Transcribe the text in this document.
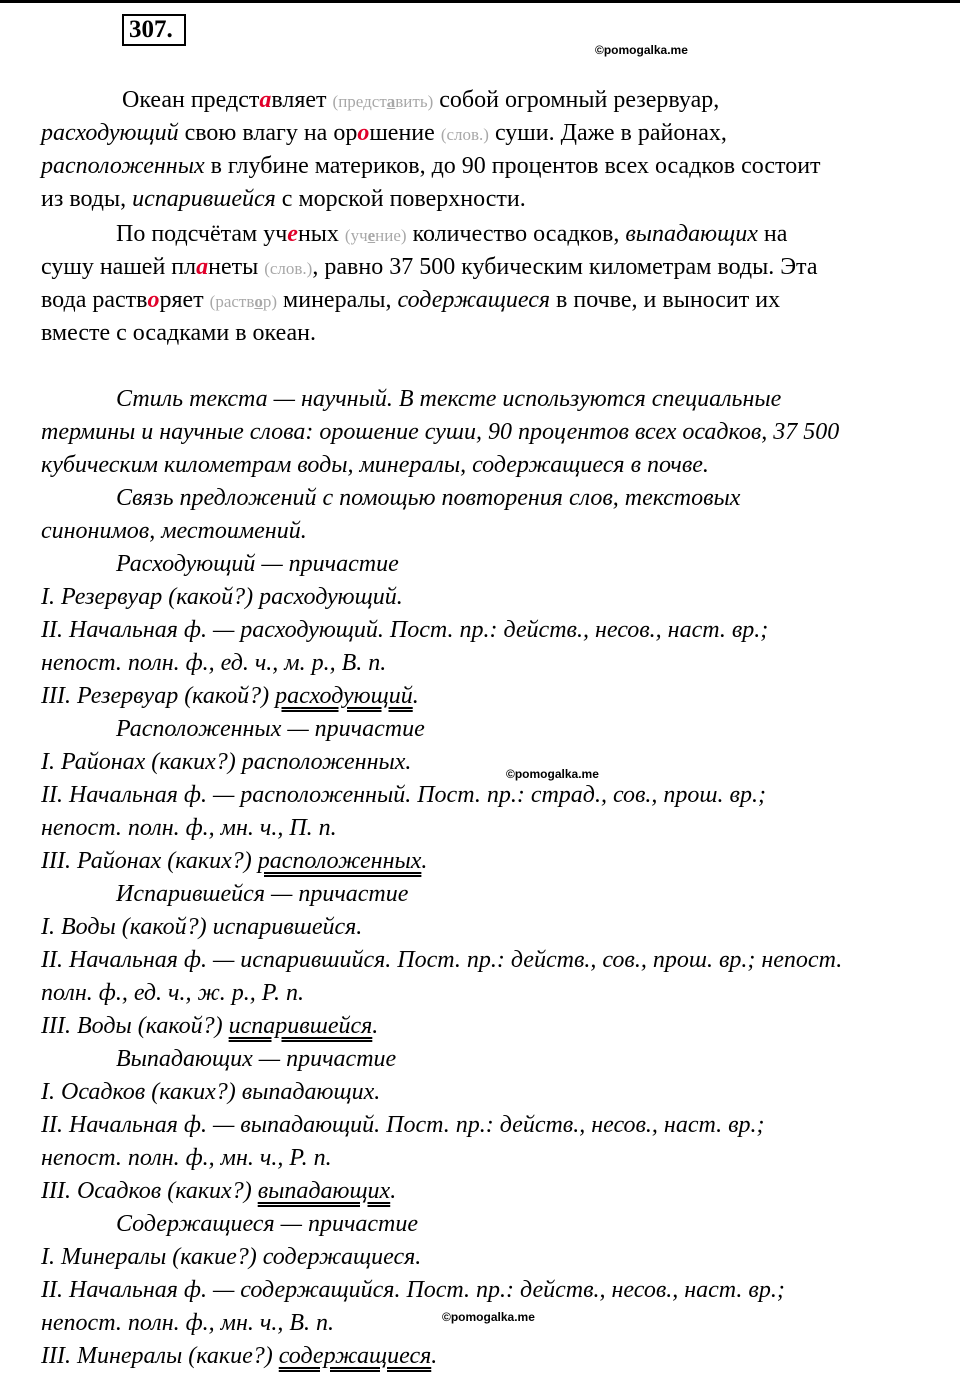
307.
©pomogalka.me
©pomogalka.me
©pomogalka.me
Океан представляет (представить) собой огромный резервуар,
расходующий свою влагу на орошение (слов.) суши. Даже в районах,
расположенных в глубине материков, до 90 процентов всех осадков состоит
из воды, испарившейся с морской поверхности.
По подсчётам ученых (учение) количество осадков, выпадающих на
сушу нашей планеты (слов.), равно 37 500 кубическим километрам воды. Эта
вода растворяет (раствор) минералы, содержащиеся в почве, и выносит их
вместе с осадками в океан.
Стиль текста — научный. В тексте используются специальные
термины и научные слова: орошение суши, 90 процентов всех осадков, 37 500
кубическим километрам воды, минералы, содержащиеся в почве.
Связь предложений с помощью повторения слов, текстовых
синонимов, местоимений.
Расходующий — причастие
I. Резервуар (какой?) расходующий.
II. Начальная ф. — расходующий. Пост. пр.: действ., несов., наст. вр.;
непост. полн. ф., ед. ч., м. р., В. п.
III. Резервуар (какой?) расходующий.
Расположенных — причастие
I. Районах (каких?) расположенных.
II. Начальная ф. — расположенный. Пост. пр.: страд., сов., прош. вр.;
непост. полн. ф., мн. ч., П. п.
III. Районах (каких?) расположенных.
Испарившейся — причастие
I. Воды (какой?) испарившейся.
II. Начальная ф. — испарившийся. Пост. пр.: действ., сов., прош. вр.; непост.
полн. ф., ед. ч., ж. р., Р. п.
III. Воды (какой?) испарившейся.
Выпадающих — причастие
I. Осадков (каких?) выпадающих.
II. Начальная ф. — выпадающий. Пост. пр.: действ., несов., наст. вр.;
непост. полн. ф., мн. ч., Р. п.
III. Осадков (каких?) выпадающих.
Содержащиеся — причастие
I. Минералы (какие?) содержащиеся.
II. Начальная ф. — содержащийся. Пост. пр.: действ., несов., наст. вр.;
непост. полн. ф., мн. ч., В. п.
III. Минералы (какие?) содержащиеся.
